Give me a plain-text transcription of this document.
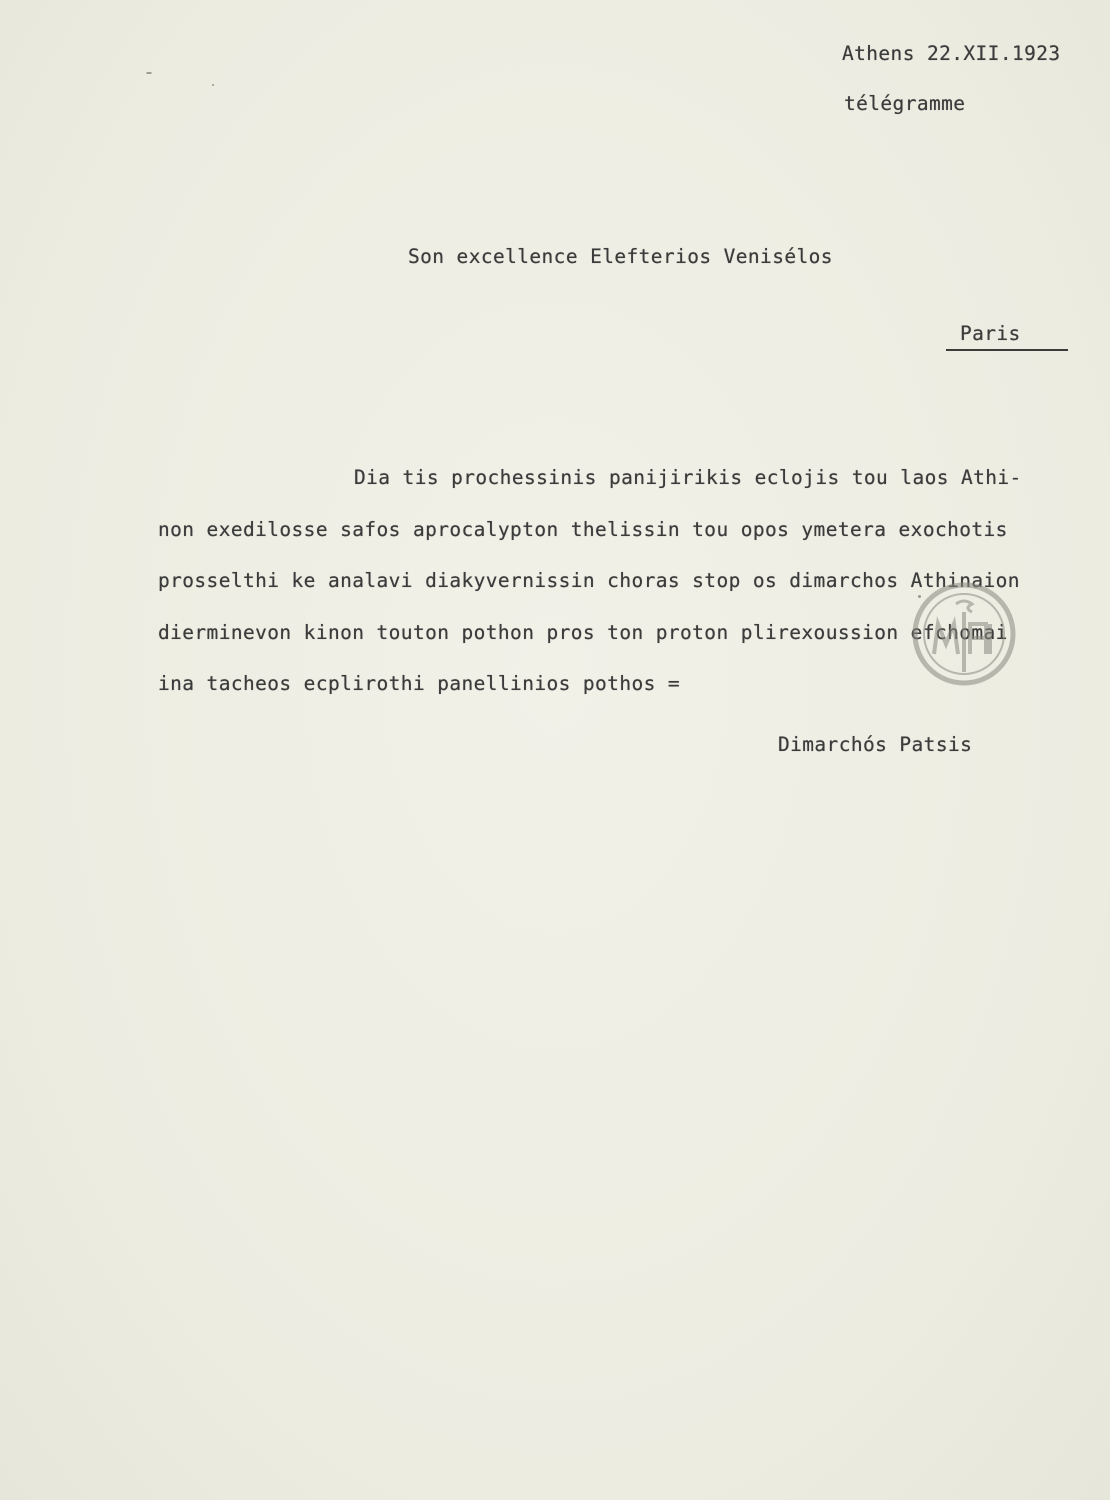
Athens 22.XII.1923
télégramme
Son excellence Elefterios Venisélos
Paris
Dia tis prochessinis panijirikis eclojis tou laos Athi-
non exedilosse safos aprocalypton thelissin tou opos ymetera exochotis
prosselthi ke analavi diakyvernissin choras stop os dimarchos Athinaion
dierminevon kinon touton pothon pros ton proton plirexoussion efchomai
ina tacheos ecplirothi panellinios pothos =
Dimarchós Patsis
